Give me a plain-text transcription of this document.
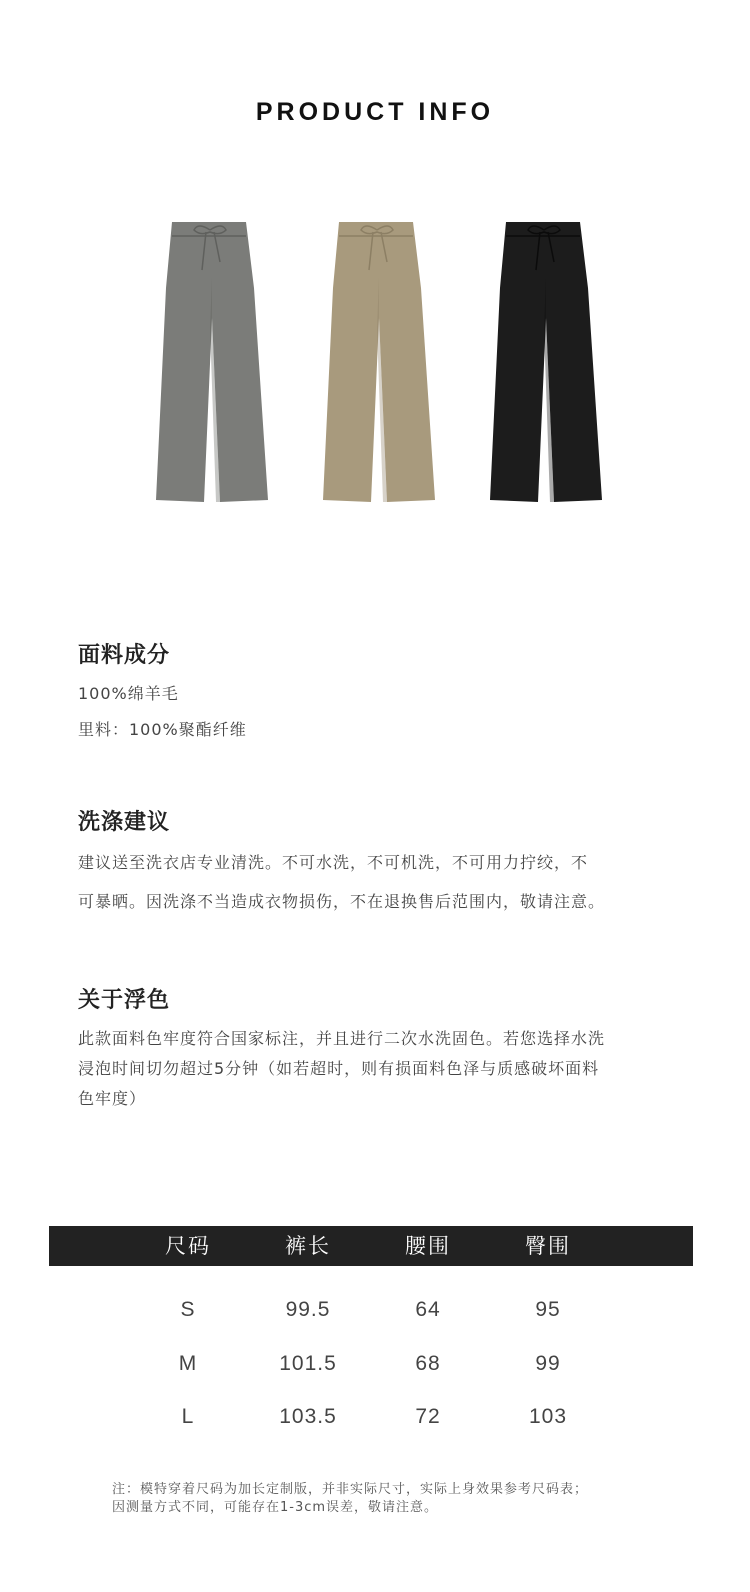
PRODUCT INFO
面料成分
100%绵羊毛
里料：100%聚酯纤维
洗涤建议
建议送至洗衣店专业清洗。不可水洗，不可机洗，不可用力拧绞，不
可暴晒。因洗涤不当造成衣物损伤，不在退换售后范围内，敬请注意。
关于浮色
此款面料色牢度符合国家标注，并且进行二次水洗固色。若您选择水洗
浸泡时间切勿超过5分钟（如若超时，则有损面料色泽与质感破坏面料
色牢度）
尺码	裤长	腰围	臀围
S	99.5	64	95
M	101.5	68	99
L	103.5	72	103
注：模特穿着尺码为加长定制版，并非实际尺寸，实际上身效果参考尺码表；
因测量方式不同，可能存在1-3cm误差，敬请注意。
